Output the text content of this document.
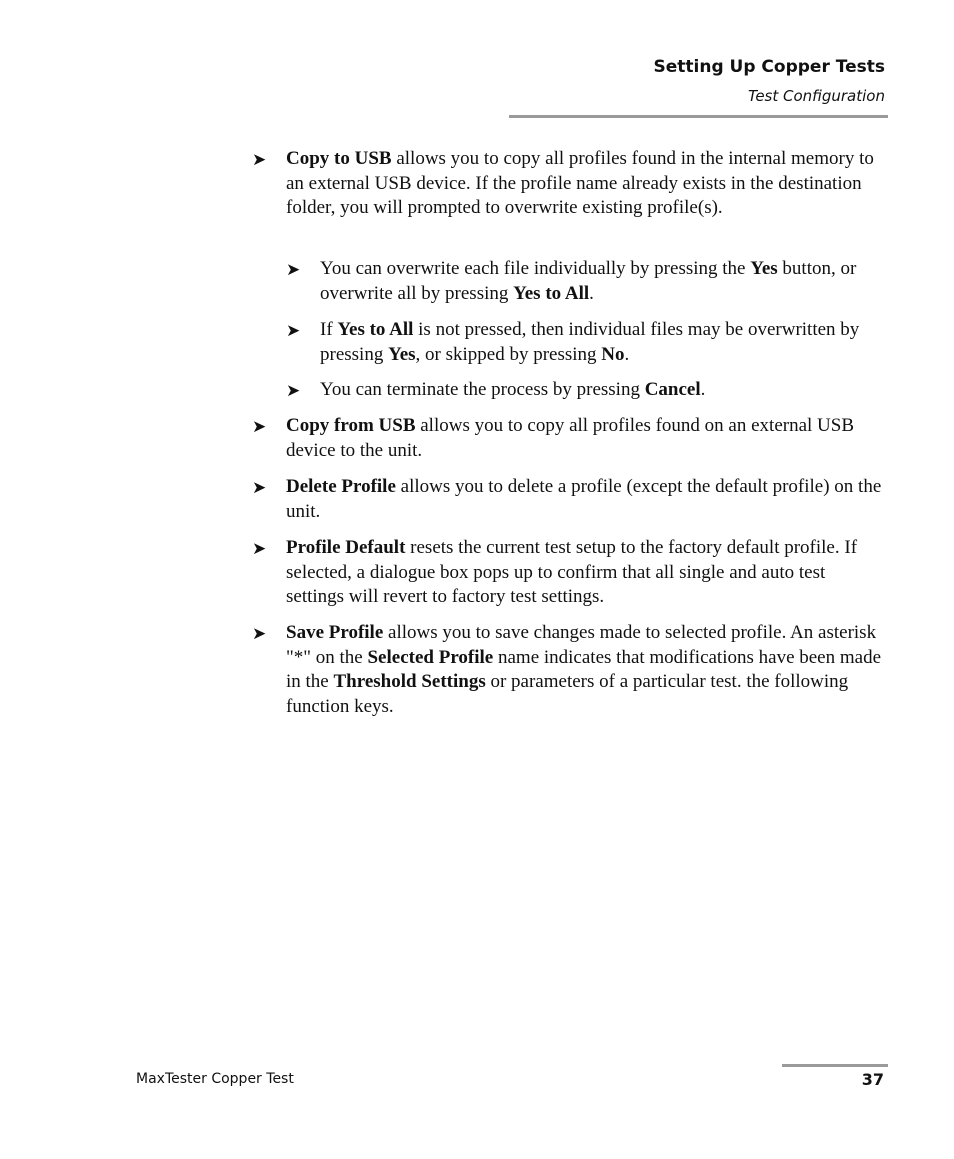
Setting Up Copper Tests
Test Configuration
➤ Copy to USB allows you to copy all profiles found in the internal memory to an external USB device. If the profile name already exists in the destination folder, you will prompted to overwrite existing profile(s).
➤ You can overwrite each file individually by pressing the Yes button, or overwrite all by pressing Yes to All.
➤ If Yes to All is not pressed, then individual files may be overwritten by pressing Yes, or skipped by pressing No.
➤ You can terminate the process by pressing Cancel.
➤ Copy from USB allows you to copy all profiles found on an external USB device to the unit.
➤ Delete Profile allows you to delete a profile (except the default profile) on the unit.
➤ Profile Default resets the current test setup to the factory default profile. If selected, a dialogue box pops up to confirm that all single and auto test settings will revert to factory test settings.
➤ Save Profile allows you to save changes made to selected profile. An asterisk "*" on the Selected Profile name indicates that modifications have been made in the Threshold Settings or parameters of a particular test. the following function keys.
MaxTester Copper Test	37
